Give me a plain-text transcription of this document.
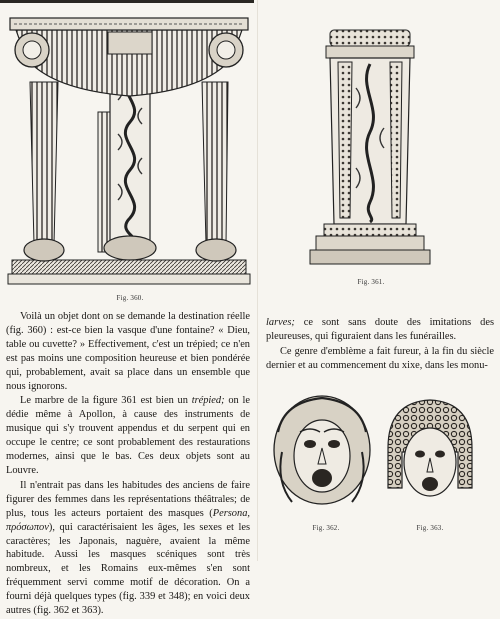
Fig. 360.
Fig. 361.

Voilà un objet dont on se demande la destination réelle (fig. 360) : est-ce bien la vasque d'une fontaine? « Dieu, table ou cuvette? » Effectivement, c'est un trépied; ce n'en est pas moins une composition heureuse et bien pondérée qui, probablement, avait sa place dans un ensemble que nous ignorons.

Le marbre de la figure 361 est bien un trépied; on le dédie même à Apollon, à cause des instruments de musique qui s'y trouvent appendus et du serpent qui en occupe le centre; ce sont probablement des restaurations modernes, ainsi que le bas. Ces deux objets sont au Louvre.

Il n'entrait pas dans les habitudes des anciens de faire figurer des femmes dans les représentations théâtrales; de plus, tous les acteurs portaient des masques (Persona, πρόσωπον), qui caractérisaient les âges, les sexes et les caractères; les Japonais, naguère, avaient la même habitude. Aussi les masques scéniques sont très nombreux, et les Romains eux-mêmes s'en sont fréquemment servi comme motif de décoration. On a fourni déjà quelques types (fig. 339 et 348); en voici deux autres (fig. 362 et 363).

larves; ce sont sans doute des imitations des pleureuses, qui figuraient dans les funérailles.

Ce genre d'emblème a fait fureur, à la fin du siècle dernier et au commencement du xixe, dans les monu-

Fig. 362.	Fig. 363.
